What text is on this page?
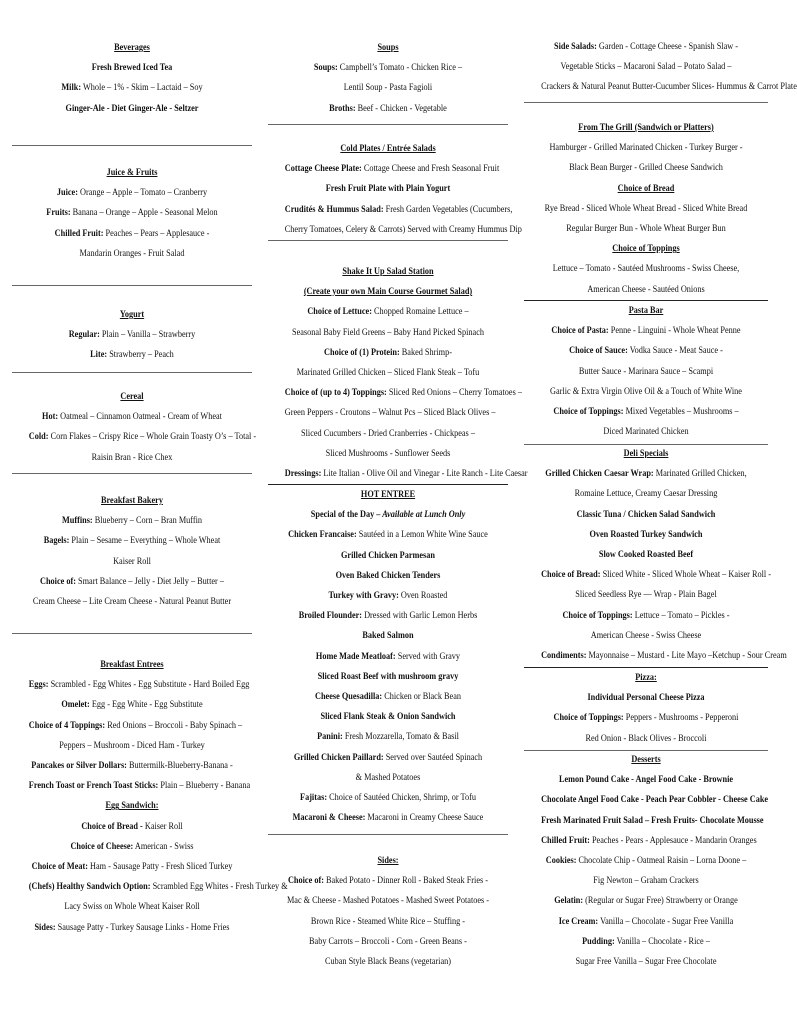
Beverages
Fresh Brewed Iced Tea
Milk: Whole – 1% - Skim – Lactaid – Soy
Ginger-Ale - Diet Ginger-Ale - Seltzer
Juice & Fruits
Juice: Orange – Apple – Tomato – Cranberry
Fruits: Banana – Orange – Apple - Seasonal Melon
Chilled Fruit: Peaches – Pears – Applesauce -
Mandarin Oranges - Fruit Salad
Yogurt
Regular: Plain – Vanilla – Strawberry
Lite: Strawberry – Peach
Cereal
Hot: Oatmeal – Cinnamon Oatmeal - Cream of Wheat
Cold: Corn Flakes – Crispy Rice – Whole Grain Toasty O’s – Total -
Raisin Bran - Rice Chex
Breakfast Bakery
Muffins: Blueberry – Corn – Bran Muffin
Bagels: Plain – Sesame – Everything – Whole Wheat
Kaiser Roll
Choice of: Smart Balance – Jelly - Diet Jelly – Butter –
Cream Cheese – Lite Cream Cheese - Natural Peanut Butter
Breakfast Entrees
Eggs: Scrambled - Egg Whites - Egg Substitute - Hard Boiled Egg
Omelet: Egg - Egg White - Egg Substitute
Choice of 4 Toppings: Red Onions – Broccoli - Baby Spinach –
Peppers – Mushroom - Diced Ham - Turkey
Pancakes or Silver Dollars: Buttermilk-Blueberry-Banana -
French Toast or French Toast Sticks: Plain – Blueberry - Banana
Egg Sandwich:
Choice of Bread - Kaiser Roll
Choice of Cheese: American - Swiss
Choice of Meat: Ham - Sausage Patty - Fresh Sliced Turkey
(Chefs) Healthy Sandwich Option: Scrambled Egg Whites - Fresh Turkey &
Lacy Swiss on Whole Wheat Kaiser Roll
Sides: Sausage Patty - Turkey Sausage Links - Home Fries
Soups
Soups: Campbell’s Tomato - Chicken Rice –
Lentil Soup - Pasta Fagioli
Broths: Beef - Chicken - Vegetable
Cold Plates / Entrée Salads
Cottage Cheese Plate: Cottage Cheese and Fresh Seasonal Fruit
Fresh Fruit Plate with Plain Yogurt
Crudités & Hummus Salad: Fresh Garden Vegetables (Cucumbers,
Cherry Tomatoes, Celery & Carrots) Served with Creamy Hummus Dip
Shake It Up Salad Station
(Create your own Main Course Gourmet Salad)
Choice of Lettuce: Chopped Romaine Lettuce –
Seasonal Baby Field Greens – Baby Hand Picked Spinach
Choice of (1) Protein: Baked Shrimp-
Marinated Grilled Chicken – Sliced Flank Steak – Tofu
Choice of (up to 4) Toppings: Sliced Red Onions – Cherry Tomatoes –
Green Peppers - Croutons – Walnut Pcs – Sliced Black Olives –
Sliced Cucumbers - Dried Cranberries - Chickpeas –
Sliced Mushrooms - Sunflower Seeds
Dressings: Lite Italian - Olive Oil and Vinegar - Lite Ranch - Lite Caesar
HOT ENTREE
Special of the Day – Available at Lunch Only
Chicken Francaise: Sautéed in a Lemon White Wine Sauce
Grilled Chicken Parmesan
Oven Baked Chicken Tenders
Turkey with Gravy: Oven Roasted
Broiled Flounder: Dressed with Garlic Lemon Herbs
Baked Salmon
Home Made Meatloaf: Served with Gravy
Sliced Roast Beef with mushroom gravy
Cheese Quesadilla: Chicken or Black Bean
Sliced Flank Steak & Onion Sandwich
Panini: Fresh Mozzarella, Tomato & Basil
Grilled Chicken Paillard: Served over Sautéed Spinach
& Mashed Potatoes
Fajitas: Choice of Sautéed Chicken, Shrimp, or Tofu
Macaroni & Cheese: Macaroni in Creamy Cheese Sauce
Sides:
Choice of: Baked Potato - Dinner Roll - Baked Steak Fries -
Mac & Cheese - Mashed Potatoes - Mashed Sweet Potatoes -
Brown Rice - Steamed White Rice – Stuffing -
Baby Carrots – Broccoli - Corn - Green Beans -
Cuban Style Black Beans (vegetarian)
Side Salads: Garden - Cottage Cheese - Spanish Slaw -
Vegetable Sticks – Macaroni Salad – Potato Salad –
Crackers & Natural Peanut Butter-Cucumber Slices- Hummus & Carrot Plate
From The Grill (Sandwich or Platters)
Hamburger - Grilled Marinated Chicken - Turkey Burger -
Black Bean Burger - Grilled Cheese Sandwich
Choice of Bread
Rye Bread - Sliced Whole Wheat Bread - Sliced White Bread
Regular Burger Bun - Whole Wheat Burger Bun
Choice of Toppings
Lettuce – Tomato - Sautéed Mushrooms - Swiss Cheese,
American Cheese - Sautéed Onions
Pasta Bar
Choice of Pasta: Penne - Linguini - Whole Wheat Penne
Choice of Sauce: Vodka Sauce - Meat Sauce -
Butter Sauce - Marinara Sauce – Scampi
Garlic & Extra Virgin Olive Oil & a Touch of White Wine
Choice of Toppings: Mixed Vegetables – Mushrooms –
Diced Marinated Chicken
Deli Specials
Grilled Chicken Caesar Wrap: Marinated Grilled Chicken,
Romaine Lettuce, Creamy Caesar Dressing
Classic Tuna / Chicken Salad Sandwich
Oven Roasted Turkey Sandwich
Slow Cooked Roasted Beef
Choice of Bread: Sliced White - Sliced Whole Wheat – Kaiser Roll -
Sliced Seedless Rye — Wrap - Plain Bagel
Choice of Toppings: Lettuce – Tomato – Pickles -
American Cheese - Swiss Cheese
Condiments: Mayonnaise – Mustard - Lite Mayo –Ketchup - Sour Cream
Pizza:
Individual Personal Cheese Pizza
Choice of Toppings: Peppers - Mushrooms - Pepperoni
Red Onion - Black Olives - Broccoli
Desserts
Lemon Pound Cake - Angel Food Cake - Brownie
Chocolate Angel Food Cake - Peach Pear Cobbler - Cheese Cake
Fresh Marinated Fruit Salad – Fresh Fruits- Chocolate Mousse
Chilled Fruit: Peaches - Pears - Applesauce - Mandarin Oranges
Cookies: Chocolate Chip - Oatmeal Raisin – Lorna Doone –
Fig Newton – Graham Crackers
Gelatin: (Regular or Sugar Free) Strawberry or Orange
Ice Cream: Vanilla – Chocolate - Sugar Free Vanilla
Pudding: Vanilla – Chocolate - Rice –
Sugar Free Vanilla – Sugar Free Chocolate
